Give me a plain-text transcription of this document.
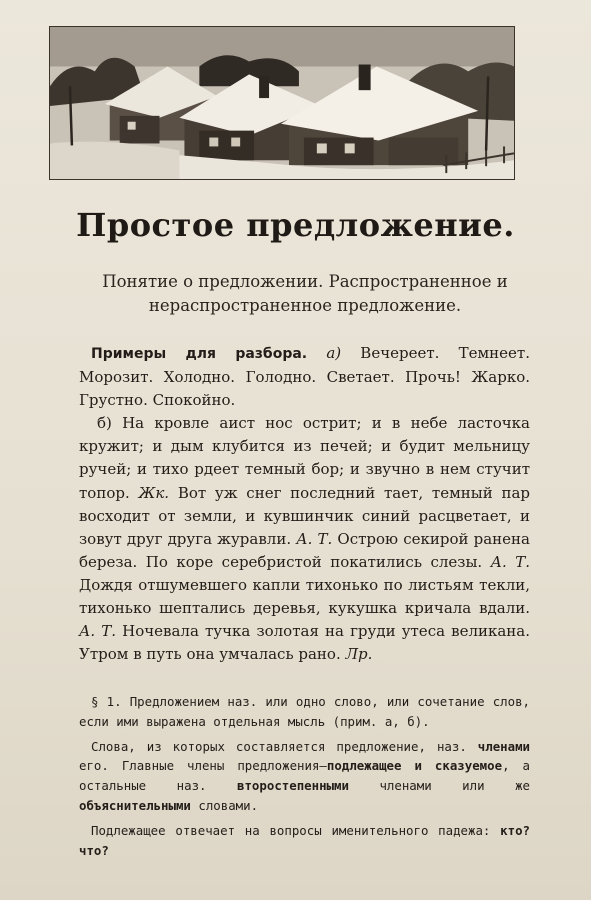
Простое предложение.
Понятие о предложении. Распространенное и
нераспространенное предложение.

Примеры для разбора. а) Вечереет. Темнеет. Морозит. Холодно. Голодно. Светает. Прочь! Жарко. Грустно. Спокойно.

б) На кровле аист нос острит; и в небе ласточка кружит; и дым клубится из печей; и будит мельницу ручей; и тихо рдеет темный бор; и звучно в нем стучит топор. Жк. Вот уж снег последний тает, темный пар восходит от земли, и кувшинчик синий расцветает, и зовут друг друга журавли. А. Т. Острою секирой ранена береза. По коре серебристой покатились слезы. А. Т. Дождя отшумевшего капли тихонько по листьям текли, тихонько шептались деревья, кукушка кричала вдали. А. Т. Ночевала тучка золотая на груди утеса великана. Утром в путь она умчалась рано. Лр.

§ 1. Предложением наз. или одно слово, или сочетание слов, если ими выражена отдельная мысль (прим. а, б).

Слова, из которых составляется предложение, наз. членами его. Главные члены предложения—подлежащее и сказуемое, а остальные наз. второстепенными членами или же объяснительными словами.

Подлежащее отвечает на вопросы именительного падежа: кто? что?
